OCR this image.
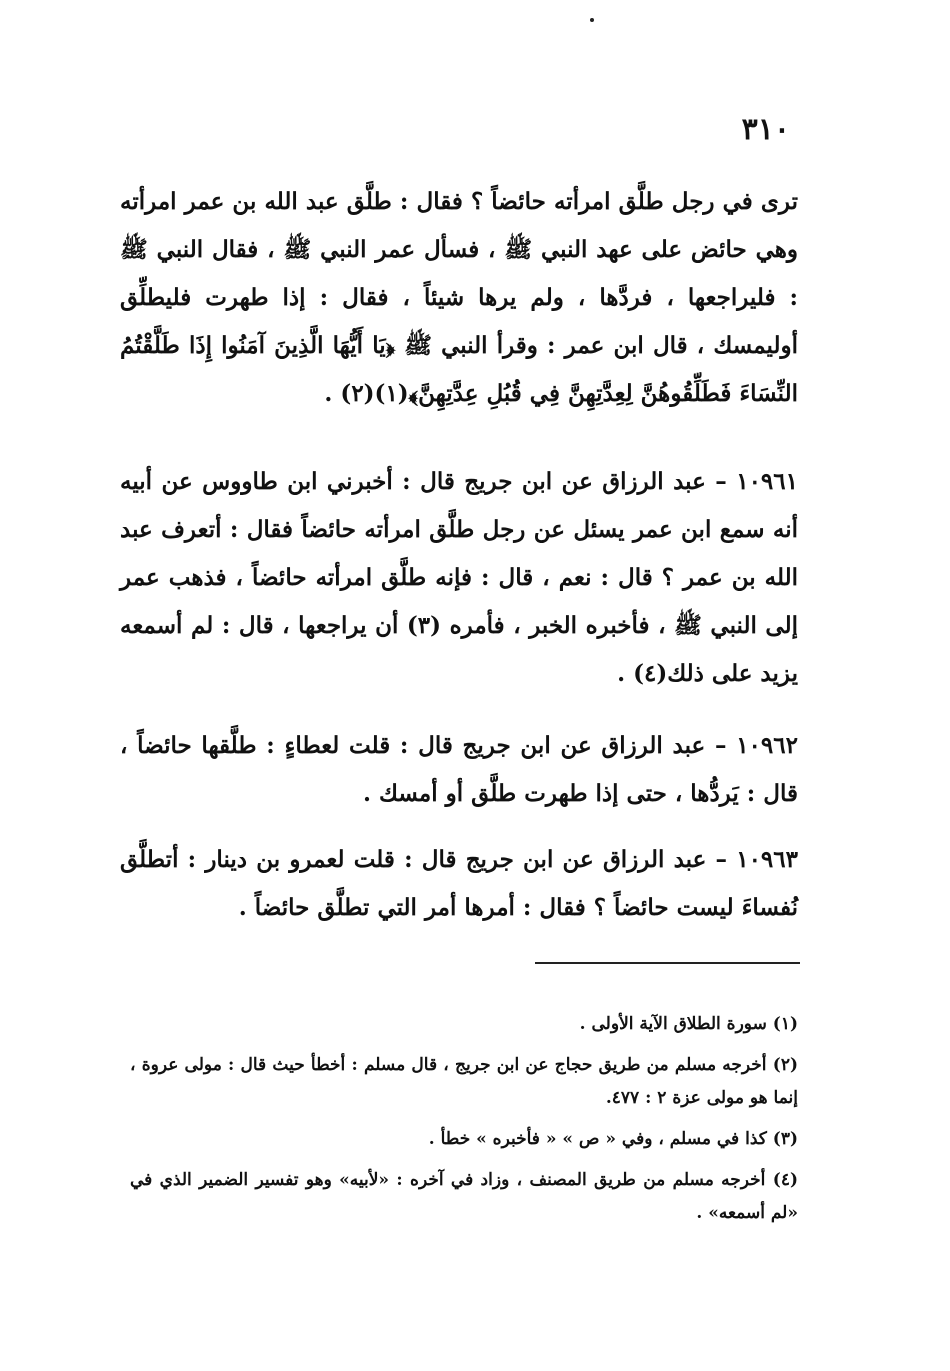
٣١٠
ترى في رجل طلَّق امرأته حائضاً ؟ فقال : طلَّق عبد الله بن عمر امرأته وهي حائض على عهد النبي ﷺ ، فسأل عمر النبي ﷺ ، فقال النبي ﷺ : فليراجعها ، فردَّها ، ولم يرها شيئاً ، فقال : إذا طهرت فليطلِّق أوليمسك ، قال ابن عمر : وقرأ النبي ﷺ ﴿يَا أَيُّهَا الَّذِينَ آمَنُوا إِذَا طَلَّقْتُمُ النِّسَاءَ فَطَلِّقُوهُنَّ لِعِدَّتِهِنَّ فِي قُبُلِ عِدَّتِهِنَّ﴾(١)(٢) .
١٠٩٦١ – عبد الرزاق عن ابن جريج قال : أخبرني ابن طاووس عن أبيه أنه سمع ابن عمر يسئل عن رجل طلَّق امرأته حائضاً فقال : أتعرف عبد الله بن عمر ؟ قال : نعم ، قال : فإنه طلَّق امرأته حائضاً ، فذهب عمر إلى النبي ﷺ ، فأخبره الخبر ، فأمره (٣) أن يراجعها ، قال : لم أسمعه يزيد على ذلك(٤) .
١٠٩٦٢ – عبد الرزاق عن ابن جريج قال : قلت لعطاءٍ : طلَّقها حائضاً ، قال : يَردُّها ، حتى إذا طهرت طلَّق أو أمسك .
١٠٩٦٣ – عبد الرزاق عن ابن جريج قال : قلت لعمرو بن دينار : أتطلَّق نُفساءَ ليست حائضاً ؟ فقال : أمرها أمر التي تطلَّق حائضاً .

(١) سورة الطلاق الآية الأولى .

(٢) أخرجه مسلم من طريق حجاج عن ابن جريج ، قال مسلم : أخطأ حيث قال : مولى عروة ، إنما هو مولى عزة ٢ : ٤٧٧.

(٣) كذا في مسلم ، وفي « ص » « فأخبره » خطأ .

(٤) أخرجه مسلم من طريق المصنف ، وزاد في آخره : «لأبيه» وهو تفسير الضمير الذي في «لم أسمعه» .
